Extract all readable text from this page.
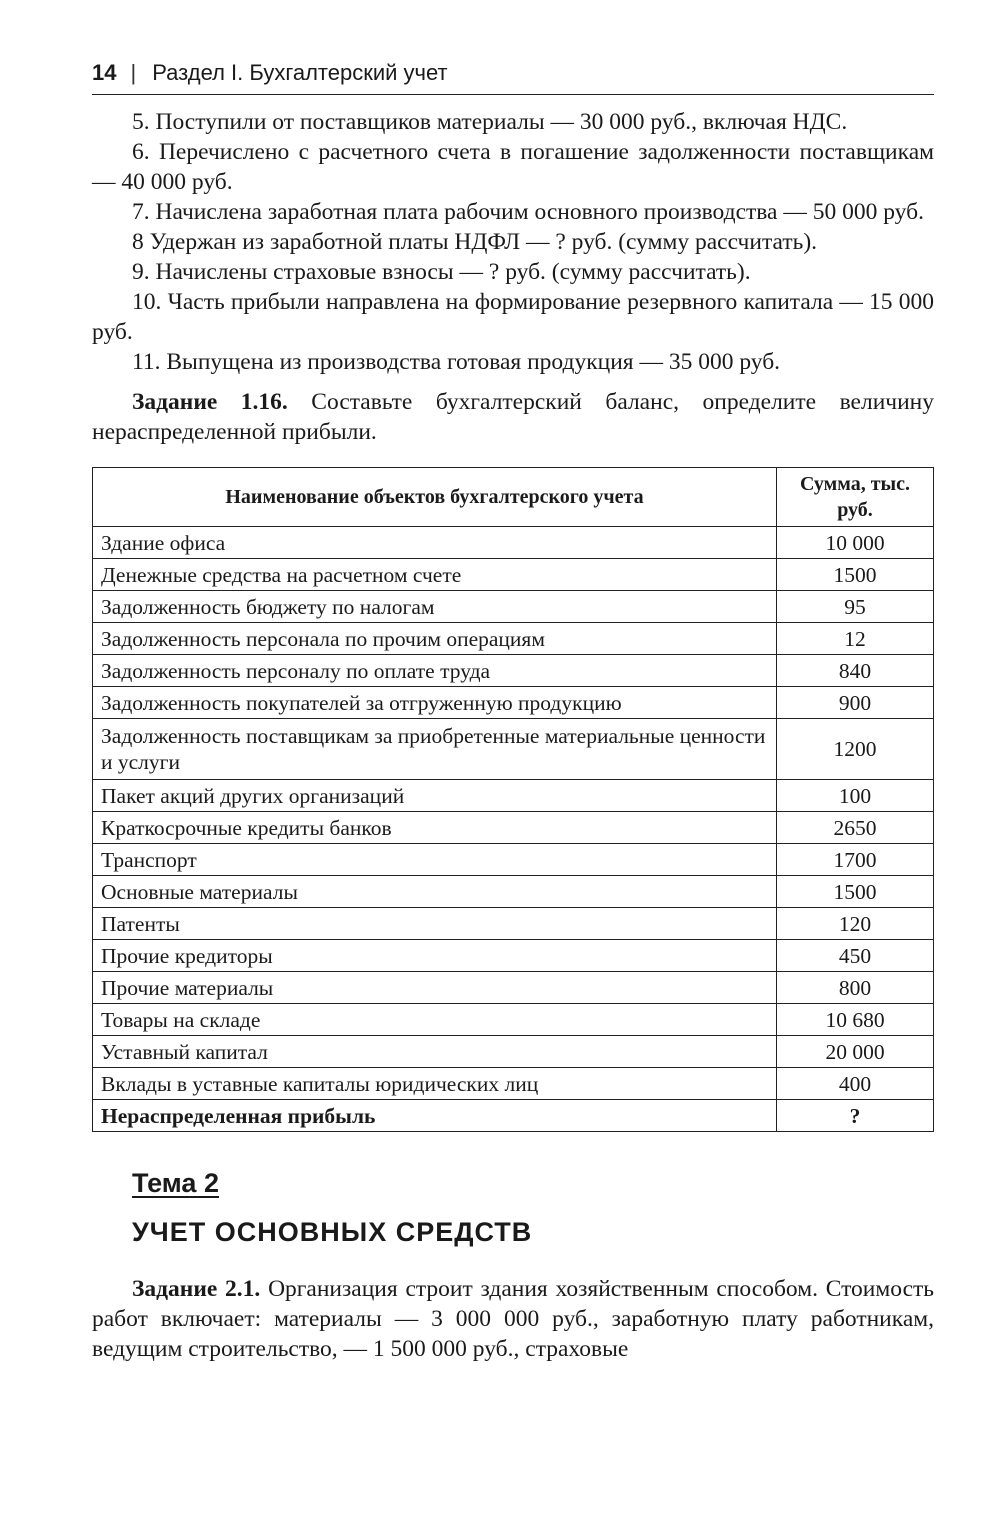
14 | Раздел I. Бухгалтерский учет

5. Поступили от поставщиков материалы — 30 000 руб., включая НДС.

6. Перечислено с расчетного счета в погашение задолженности поставщикам — 40 000 руб.

7. Начислена заработная плата рабочим основного производства — 50 000 руб.

8 Удержан из заработной платы НДФЛ — ? руб. (сумму рассчитать).

9. Начислены страховые взносы — ? руб. (сумму рассчитать).

10. Часть прибыли направлена на формирование резервного капитала — 15 000 руб.

11. Выпущена из производства готовая продукция — 35 000 руб.

Задание 1.16. Составьте бухгалтерский баланс, определите величину нераспределенной прибыли.

Наименование объектов бухгалтерского учета	Сумма, тыс. руб.
Здание офиса	10 000
Денежные средства на расчетном счете	1500
Задолженность бюджету по налогам	95
Задолженность персонала по прочим операциям	12
Задолженность персоналу по оплате труда	840
Задолженность покупателей за отгруженную продукцию	900
Задолженность поставщикам за приобретенные материальные ценности и услуги	1200
Пакет акций других организаций	100
Краткосрочные кредиты банков	2650
Транспорт	1700
Основные материалы	1500
Патенты	120
Прочие кредиторы	450
Прочие материалы	800
Товары на складе	10 680
Уставный капитал	20 000
Вклады в уставные капиталы юридических лиц	400
Нераспределенная прибыль	?
Тема 2
УЧЕТ ОСНОВНЫХ СРЕДСТВ

Задание 2.1. Организация строит здания хозяйственным способом. Стоимость работ включает: материалы — 3 000 000 руб., заработную плату работникам, ведущим строительство, — 1 500 000 руб., страховые
